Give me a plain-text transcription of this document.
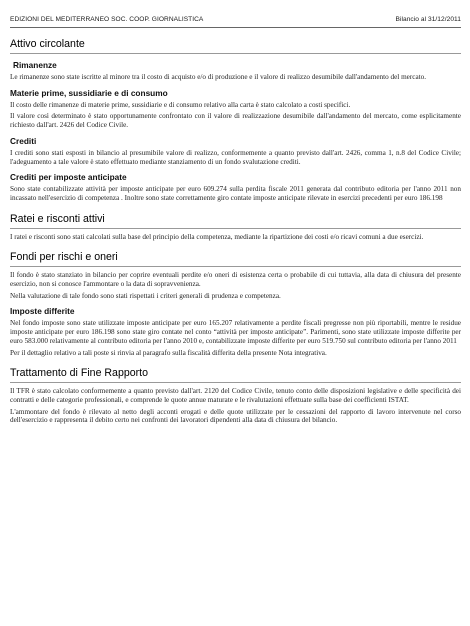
EDIZIONI DEL MEDITERRANEO SOC. COOP. GIORNALISTICA	Bilancio al 31/12/2011
Attivo circolante
Rimanenze

Le rimanenze sono state iscritte al minore tra il costo di acquisto e/o di produzione e il valore di realizzo desumibile dall'andamento del mercato.

Materie prime, sussidiarie e di consumo

Il costo delle rimanenze di materie prime, sussidiarie e di consumo relativo alla carta è stato calcolato a costi specifici.

Il valore così determinato è stato opportunamente confrontato con il valore di realizzazione desumibile dall'andamento del mercato, come esplicitamente richiesto dall'art. 2426 del Codice Civile.

Crediti

I crediti sono stati esposti in bilancio al presumibile valore di realizzo, conformemente a quanto previsto dall'art. 2426, comma 1, n.8 del Codice Civile; l'adeguamento a tale valore è stato effettuato mediante stanziamento di un fondo svalutazione crediti.

Crediti per imposte anticipate

Sono state contabilizzate attività per imposte anticipate per euro 609.274 sulla perdita fiscale 2011 generata dal contributo editoria per l'anno 2011 non incassato nell'esercizio di competenza . Inoltre sono state correttamente giro contate imposte anticipate rilevate in esercizi precedenti per euro 186.198

Ratei e risconti attivi

I ratei e risconti sono stati calcolati sulla base del principio della competenza, mediante la ripartizione dei costi e/o ricavi comuni a due esercizi.

Fondi per rischi e oneri

Il fondo è stato stanziato in bilancio per coprire eventuali perdite e/o oneri di esistenza certa o probabile di cui tuttavia, alla data di chiusura del presente esercizio, non si conosce l'ammontare o la data di sopravvenienza.

Nella valutazione di tale fondo sono stati rispettati i criteri generali di prudenza e competenza.

Imposte differite

Nel fondo imposte sono state utilizzate imposte anticipate per euro 165.207 relativamente a perdite fiscali pregresse non più riportabili, mentre le residue imposte anticipate per euro 186.198 sono state giro contate nel conto “attività per imposte anticipate”. Parimenti, sono state utilizzate imposte differite per euro 583.000 relativamente al contributo editoria per l'anno 2010 e, contabilizzate imposte differite per euro 519.750 sul contributo editoria per l'anno 2011

Per il dettaglio relativo a tali poste si rinvia al paragrafo sulla fiscalità differita della presente Nota integrativa.

Trattamento di Fine Rapporto

Il TFR è stato calcolato conformemente a quanto previsto dall'art. 2120 del Codice Civile, tenuto conto delle disposizioni legislative e delle specificità dei contratti e delle categorie professionali, e comprende le quote annue maturate e le rivalutazioni effettuate sulla base dei coefficienti ISTAT.

L'ammontare del fondo è rilevato al netto degli acconti erogati e delle quote utilizzate per le cessazioni del rapporto di lavoro intervenute nel corso dell'esercizio e rappresenta il debito certo nei confronti dei lavoratori dipendenti alla data di chiusura del bilancio.
